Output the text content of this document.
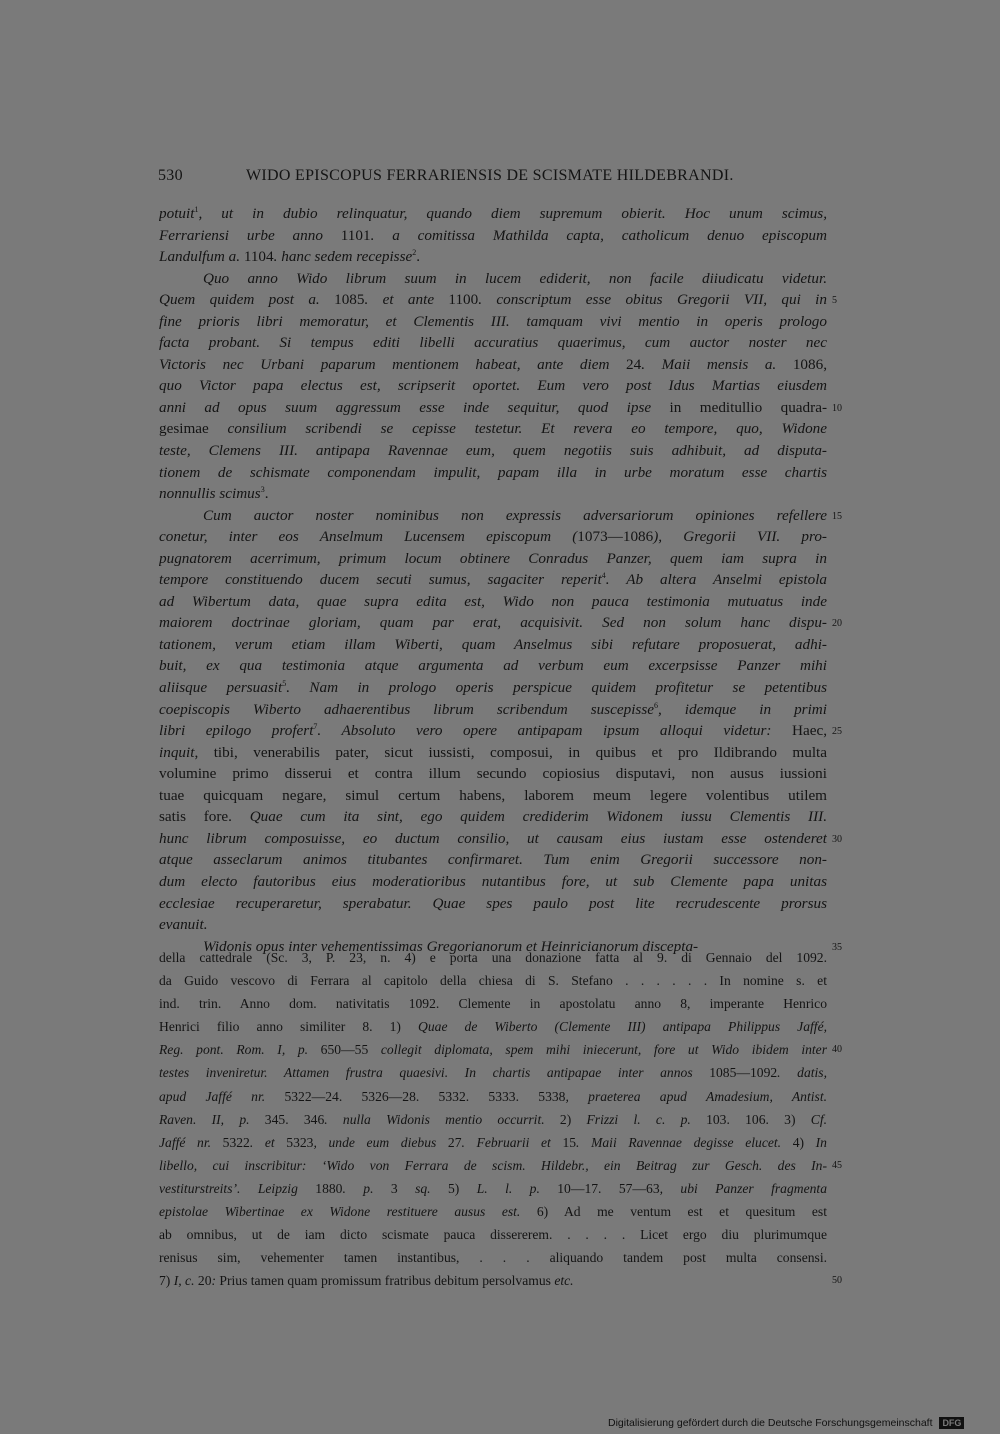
530	WIDO EPISCOPUS FERRARIENSIS DE SCISMATE HILDEBRANDI.
potuit$^1$, ut in dubio relinquatur, quando diem supremum obierit. Hoc unum scimus,
Ferrariensi urbe anno 1101. a comitissa Mathilda capta, catholicum denuo episcopum
Landulfum a. 1104. hanc sedem recepisse$^2$.
Quo anno Wido librum suum in lucem ediderit, non facile diiudicatu videtur.
Quem quidem post a. 1085. et ante 1100. conscriptum esse obitus Gregorii VII, qui in
fine prioris libri memoratur, et Clementis III. tamquam vivi mentio in operis prologo
facta probant. Si tempus editi libelli accuratius quaerimus, cum auctor noster nec
Victoris nec Urbani paparum mentionem habeat, ante diem 24. Maii mensis a. 1086,
quo Victor papa electus est, scripserit oportet. Eum vero post Idus Martias eiusdem
anni ad opus suum aggressum esse inde sequitur, quod ipse in meditullio quadra-
gesimae consilium scribendi se cepisse testetur. Et revera eo tempore, quo, Widone
teste, Clemens III. antipapa Ravennae eum, quem negotiis suis adhibuit, ad disputa-
tionem de schismate componendam impulit, papam illa in urbe moratum esse chartis
nonnullis scimus$^3$.
Cum auctor noster nominibus non expressis adversariorum opiniones refellere
conetur, inter eos Anselmum Lucensem episcopum (1073—1086), Gregorii VII. pro-
pugnatorem acerrimum, primum locum obtinere Conradus Panzer, quem iam supra in
tempore constituendo ducem secuti sumus, sagaciter reperit$^4$. Ab altera Anselmi epistola
ad Wibertum data, quae supra edita est, Wido non pauca testimonia mutuatus inde
maiorem doctrinae gloriam, quam par erat, acquisivit. Sed non solum hanc dispu-
tationem, verum etiam illam Wiberti, quam Anselmus sibi refutare proposuerat, adhi-
buit, ex qua testimonia atque argumenta ad verbum eum excerpsisse Panzer mihi
aliisque persuasit$^5$. Nam in prologo operis perspicue quidem profitetur se petentibus
coepiscopis Wiberto adhaerentibus librum scribendum suscepisse$^6$, idemque in primi
libri epilogo profert$^7$. Absoluto vero opere antipapam ipsum alloqui videtur: Haec,
inquit, tibi, venerabilis pater, sicut iussisti, composui, in quibus et pro Ildibrando multa
volumine primo disserui et contra illum secundo copiosius disputavi, non ausus iussioni
tuae quicquam negare, simul certum habens, laborem meum legere volentibus utilem
satis fore. Quae cum ita sint, ego quidem crediderim Widonem iussu Clementis III.
hunc librum composuisse, eo ductum consilio, ut causam eius iustam esse ostenderet
atque asseclarum animos titubantes confirmaret. Tum enim Gregorii successore non-
dum electo fautoribus eius moderatioribus nutantibus fore, ut sub Clemente papa unitas
ecclesiae recuperaretur, sperabatur. Quae spes paulo post lite recrudescente prorsus
evanuit.
Widonis opus inter vehementissimas Gregorianorum et Heinricianorum discepta-
della cattedrale (Sc. 3, P. 23, n. 4) e porta una donazione fatta al 9. di Gennaio del 1092.
da Guido vescovo di Ferrara al capitolo della chiesa di S. Stefano . . . . . . In nomine s. et
ind. trin. Anno dom. nativitatis 1092. Clemente in apostolatu anno 8, imperante Henrico
Henrici filio anno similiter 8. 1) Quae de Wiberto (Clemente III) antipapa Philippus Jaffé,
Reg. pont. Rom. I, p. 650—55 collegit diplomata, spem mihi iniecerunt, fore ut Wido ibidem inter
testes inveniretur. Attamen frustra quaesivi. In chartis antipapae inter annos 1085—1092. datis,
apud Jaffé nr. 5322—24. 5326—28. 5332. 5333. 5338, praeterea apud Amadesium, Antist.
Raven. II, p. 345. 346. nulla Widonis mentio occurrit. 2) Frizzi l. c. p. 103. 106. 3) Cf.
Jaffé nr. 5322. et 5323, unde eum diebus 27. Februarii et 15. Maii Ravennae degisse elucet. 4) In
libello, cui inscribitur: ‘Wido von Ferrara de scism. Hildebr., ein Beitrag zur Gesch. des In-
vestiturstreits’. Leipzig 1880. p. 3 sq. 5) L. l. p. 10—17. 57—63, ubi Panzer fragmenta
epistolae Wibertinae ex Widone restituere ausus est. 6) Ad me ventum est et quesitum est
ab omnibus, ut de iam dicto scismate pauca dissererem. . . . . Licet ergo diu plurimumque
renisus sim, vehementer tamen instantibus, . . . aliquando tandem post multa consensi.
7) I, c. 20: Prius tamen quam promissum fratribus debitum persolvamus etc.
5
10
15
20
25
30
35
40
45
50
Digitalisierung gefördert durch die Deutsche Forschungsgemeinschaft DFG
